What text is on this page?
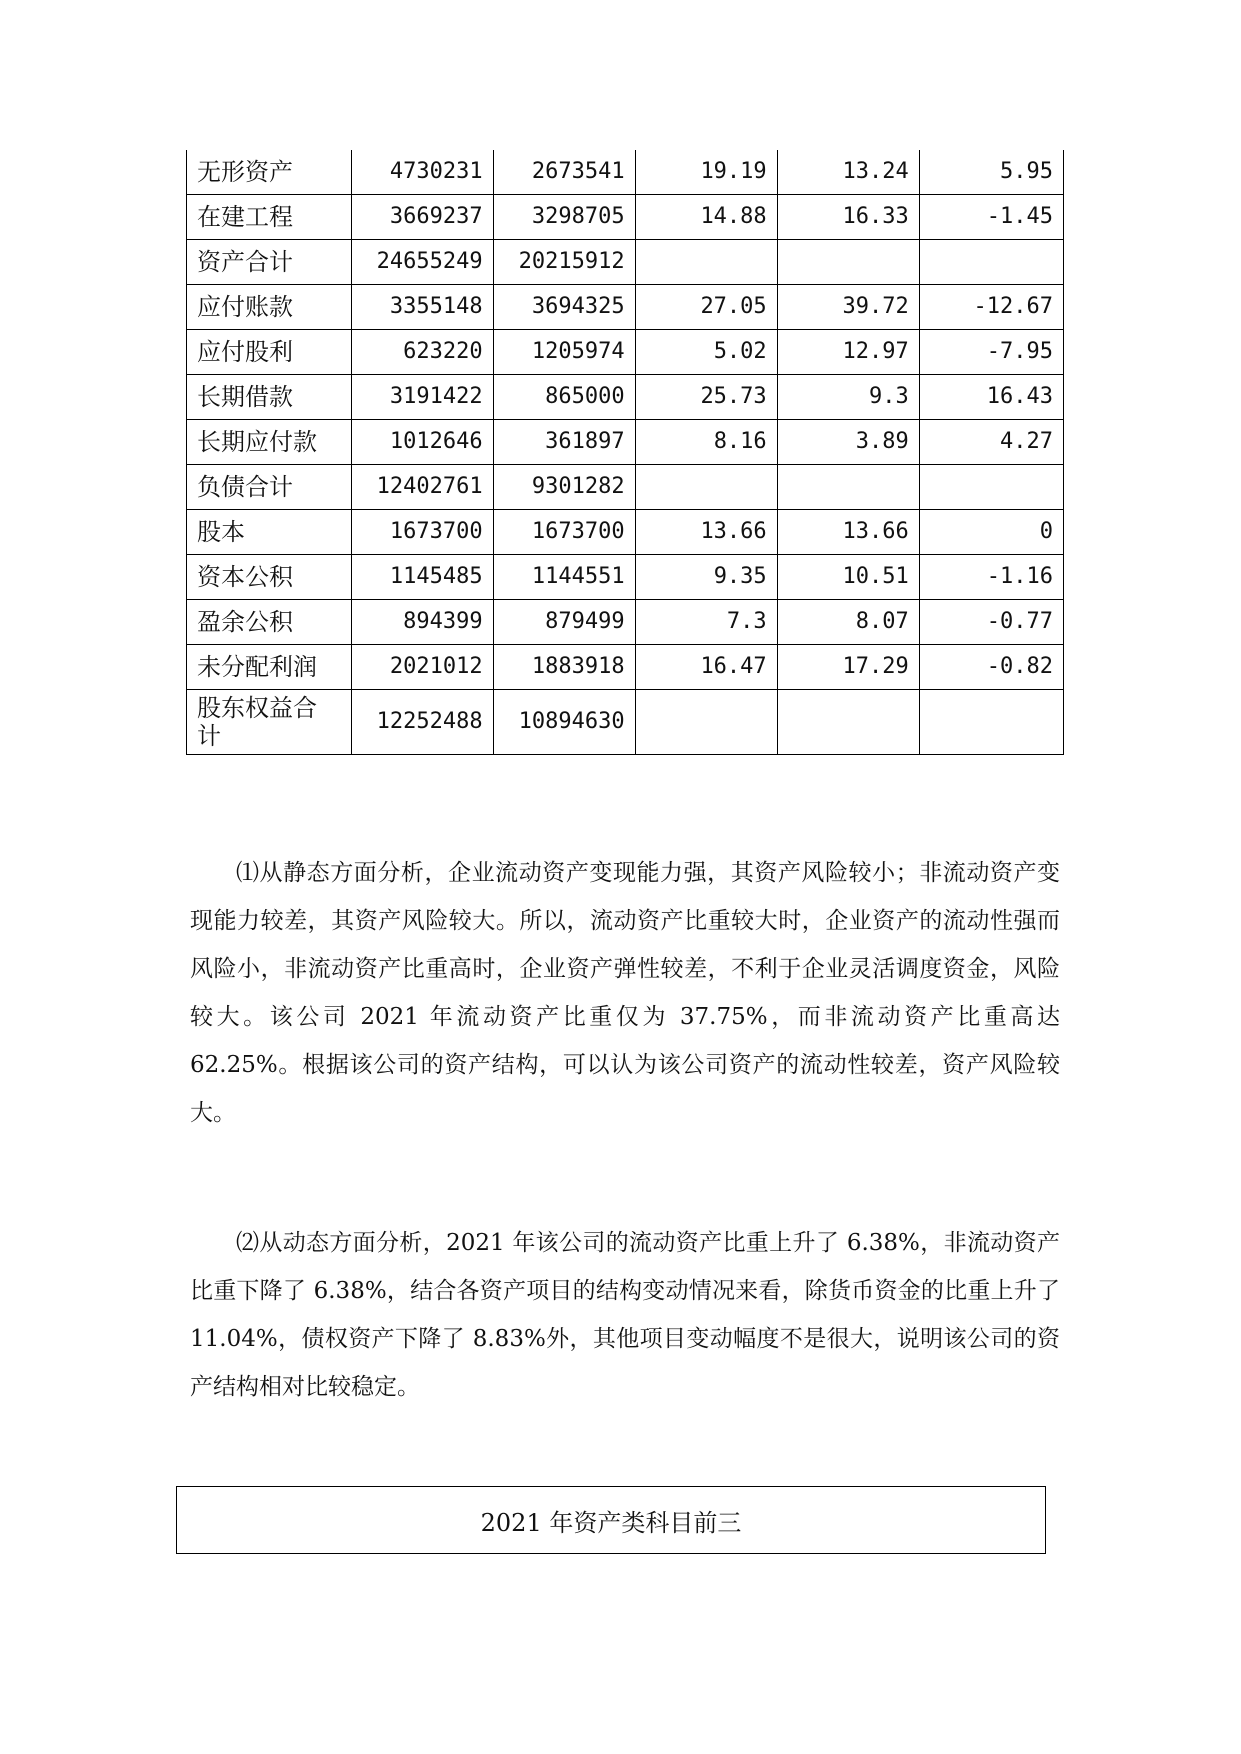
无形资产	4730231	2673541	19.19	13.24	5.95
在建工程	3669237	3298705	14.88	16.33	-1.45
资产合计	24655249	20215912			
应付账款	3355148	3694325	27.05	39.72	-12.67
应付股利	623220	1205974	5.02	12.97	-7.95
长期借款	3191422	865000	25.73	9.3	16.43
长期应付款	1012646	361897	8.16	3.89	4.27
负债合计	12402761	9301282			
股本	1673700	1673700	13.66	13.66	0
资本公积	1145485	1144551	9.35	10.51	-1.16
盈余公积	894399	879499	7.3	8.07	-0.77
未分配利润	2021012	1883918	16.47	17.29	-0.82
股东权益合计	12252488	10894630			

⑴从静态方面分析，企业流动资产变现能力强，其资产风险较小；非流动资产变现能力较差，其资产风险较大。所以，流动资产比重较大时，企业资产的流动性强而风险小，非流动资产比重高时，企业资产弹性较差，不利于企业灵活调度资金，风险较大。该公司 2021 年流动资产比重仅为 37.75%，而非流动资产比重高达 62.25%。根据该公司的资产结构，可以认为该公司资产的流动性较差，资产风险较大。

⑵从动态方面分析，2021 年该公司的流动资产比重上升了 6.38%，非流动资产比重下降了 6.38%，结合各资产项目的结构变动情况来看，除货币资金的比重上升了 11.04%，债权资产下降了 8.83%外，其他项目变动幅度不是很大，说明该公司的资产结构相对比较稳定。

2021 年资产类科目前三
